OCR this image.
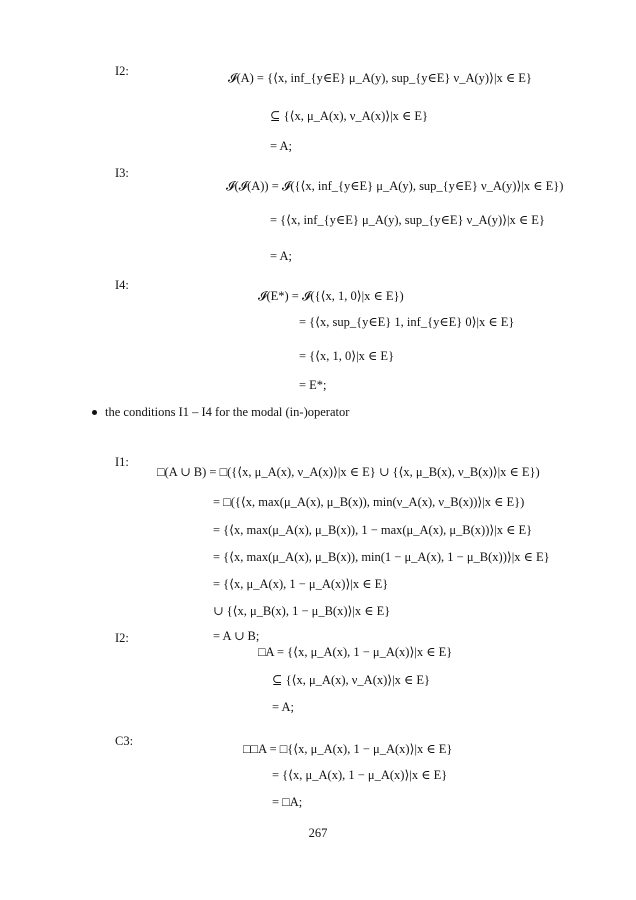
I2:
I3:
I4:
I1:
I2:
C3:
𝓘(A) = {⟨x, inf_{y∈E} μ_A(y), sup_{y∈E} ν_A(y)⟩|x ∈ E}
⊆ {⟨x, μ_A(x), ν_A(x)⟩|x ∈ E}
= A;
𝓘(𝓘(A)) = 𝓘({⟨x, inf_{y∈E} μ_A(y), sup_{y∈E} ν_A(y)⟩|x ∈ E})
= {⟨x, inf_{y∈E} μ_A(y), sup_{y∈E} ν_A(y)⟩|x ∈ E}
= A;
𝓘(E*) = 𝓘({⟨x, 1, 0⟩|x ∈ E})
= {⟨x, sup_{y∈E} 1, inf_{y∈E} 0⟩|x ∈ E}
= {⟨x, 1, 0⟩|x ∈ E}
= E*;
the conditions I1 – I4 for the modal (in-)operator
□(A ∪ B) = □({⟨x, μ_A(x), ν_A(x)⟩|x ∈ E} ∪ {⟨x, μ_B(x), ν_B(x)⟩|x ∈ E})
= □({⟨x, max(μ_A(x), μ_B(x)), min(ν_A(x), ν_B(x))⟩|x ∈ E})
= {⟨x, max(μ_A(x), μ_B(x)), 1 − max(μ_A(x), μ_B(x))⟩|x ∈ E}
= {⟨x, max(μ_A(x), μ_B(x)), min(1 − μ_A(x), 1 − μ_B(x))⟩|x ∈ E}
= {⟨x, μ_A(x), 1 − μ_A(x)⟩|x ∈ E}
∪ {⟨x, μ_B(x), 1 − μ_B(x)⟩|x ∈ E}
= A ∪ B;
□A = {⟨x, μ_A(x), 1 − μ_A(x)⟩|x ∈ E}
⊆ {⟨x, μ_A(x), ν_A(x)⟩|x ∈ E}
= A;
□□A = □{⟨x, μ_A(x), 1 − μ_A(x)⟩|x ∈ E}
= {⟨x, μ_A(x), 1 − μ_A(x)⟩|x ∈ E}
= □A;
267
